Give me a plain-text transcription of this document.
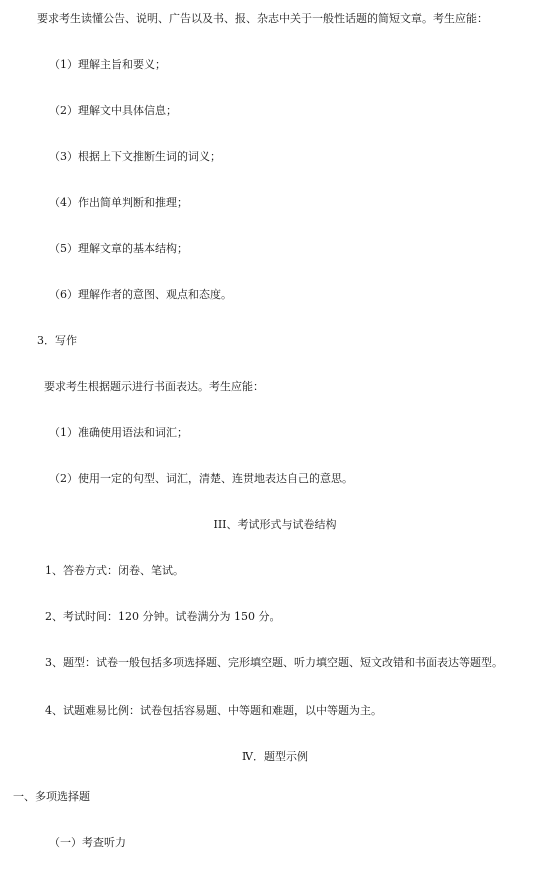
要求考生读懂公告、说明、广告以及书、报、杂志中关于一般性话题的简短文章。考生应能：
（1）理解主旨和要义；
（2）理解文中具体信息；
（3）根据上下文推断生词的词义；
（4）作出简单判断和推理；
（5）理解文章的基本结构；
（6）理解作者的意图、观点和态度。
3．写作
要求考生根据题示进行书面表达。考生应能：
（1）准确使用语法和词汇；
（2）使用一定的句型、词汇，清楚、连贯地表达自己的意思。
III、考试形式与试卷结构
1、答卷方式：闭卷、笔试。
2、考试时间：120 分钟。试卷满分为 150 分。
3、题型：试卷一般包括多项选择题、完形填空题、听力填空题、短文改错和书面表达等题型。
4、试题难易比例：试卷包括容易题、中等题和难题，以中等题为主。
Ⅳ．题型示例
一、多项选择题
（一）考查听力
